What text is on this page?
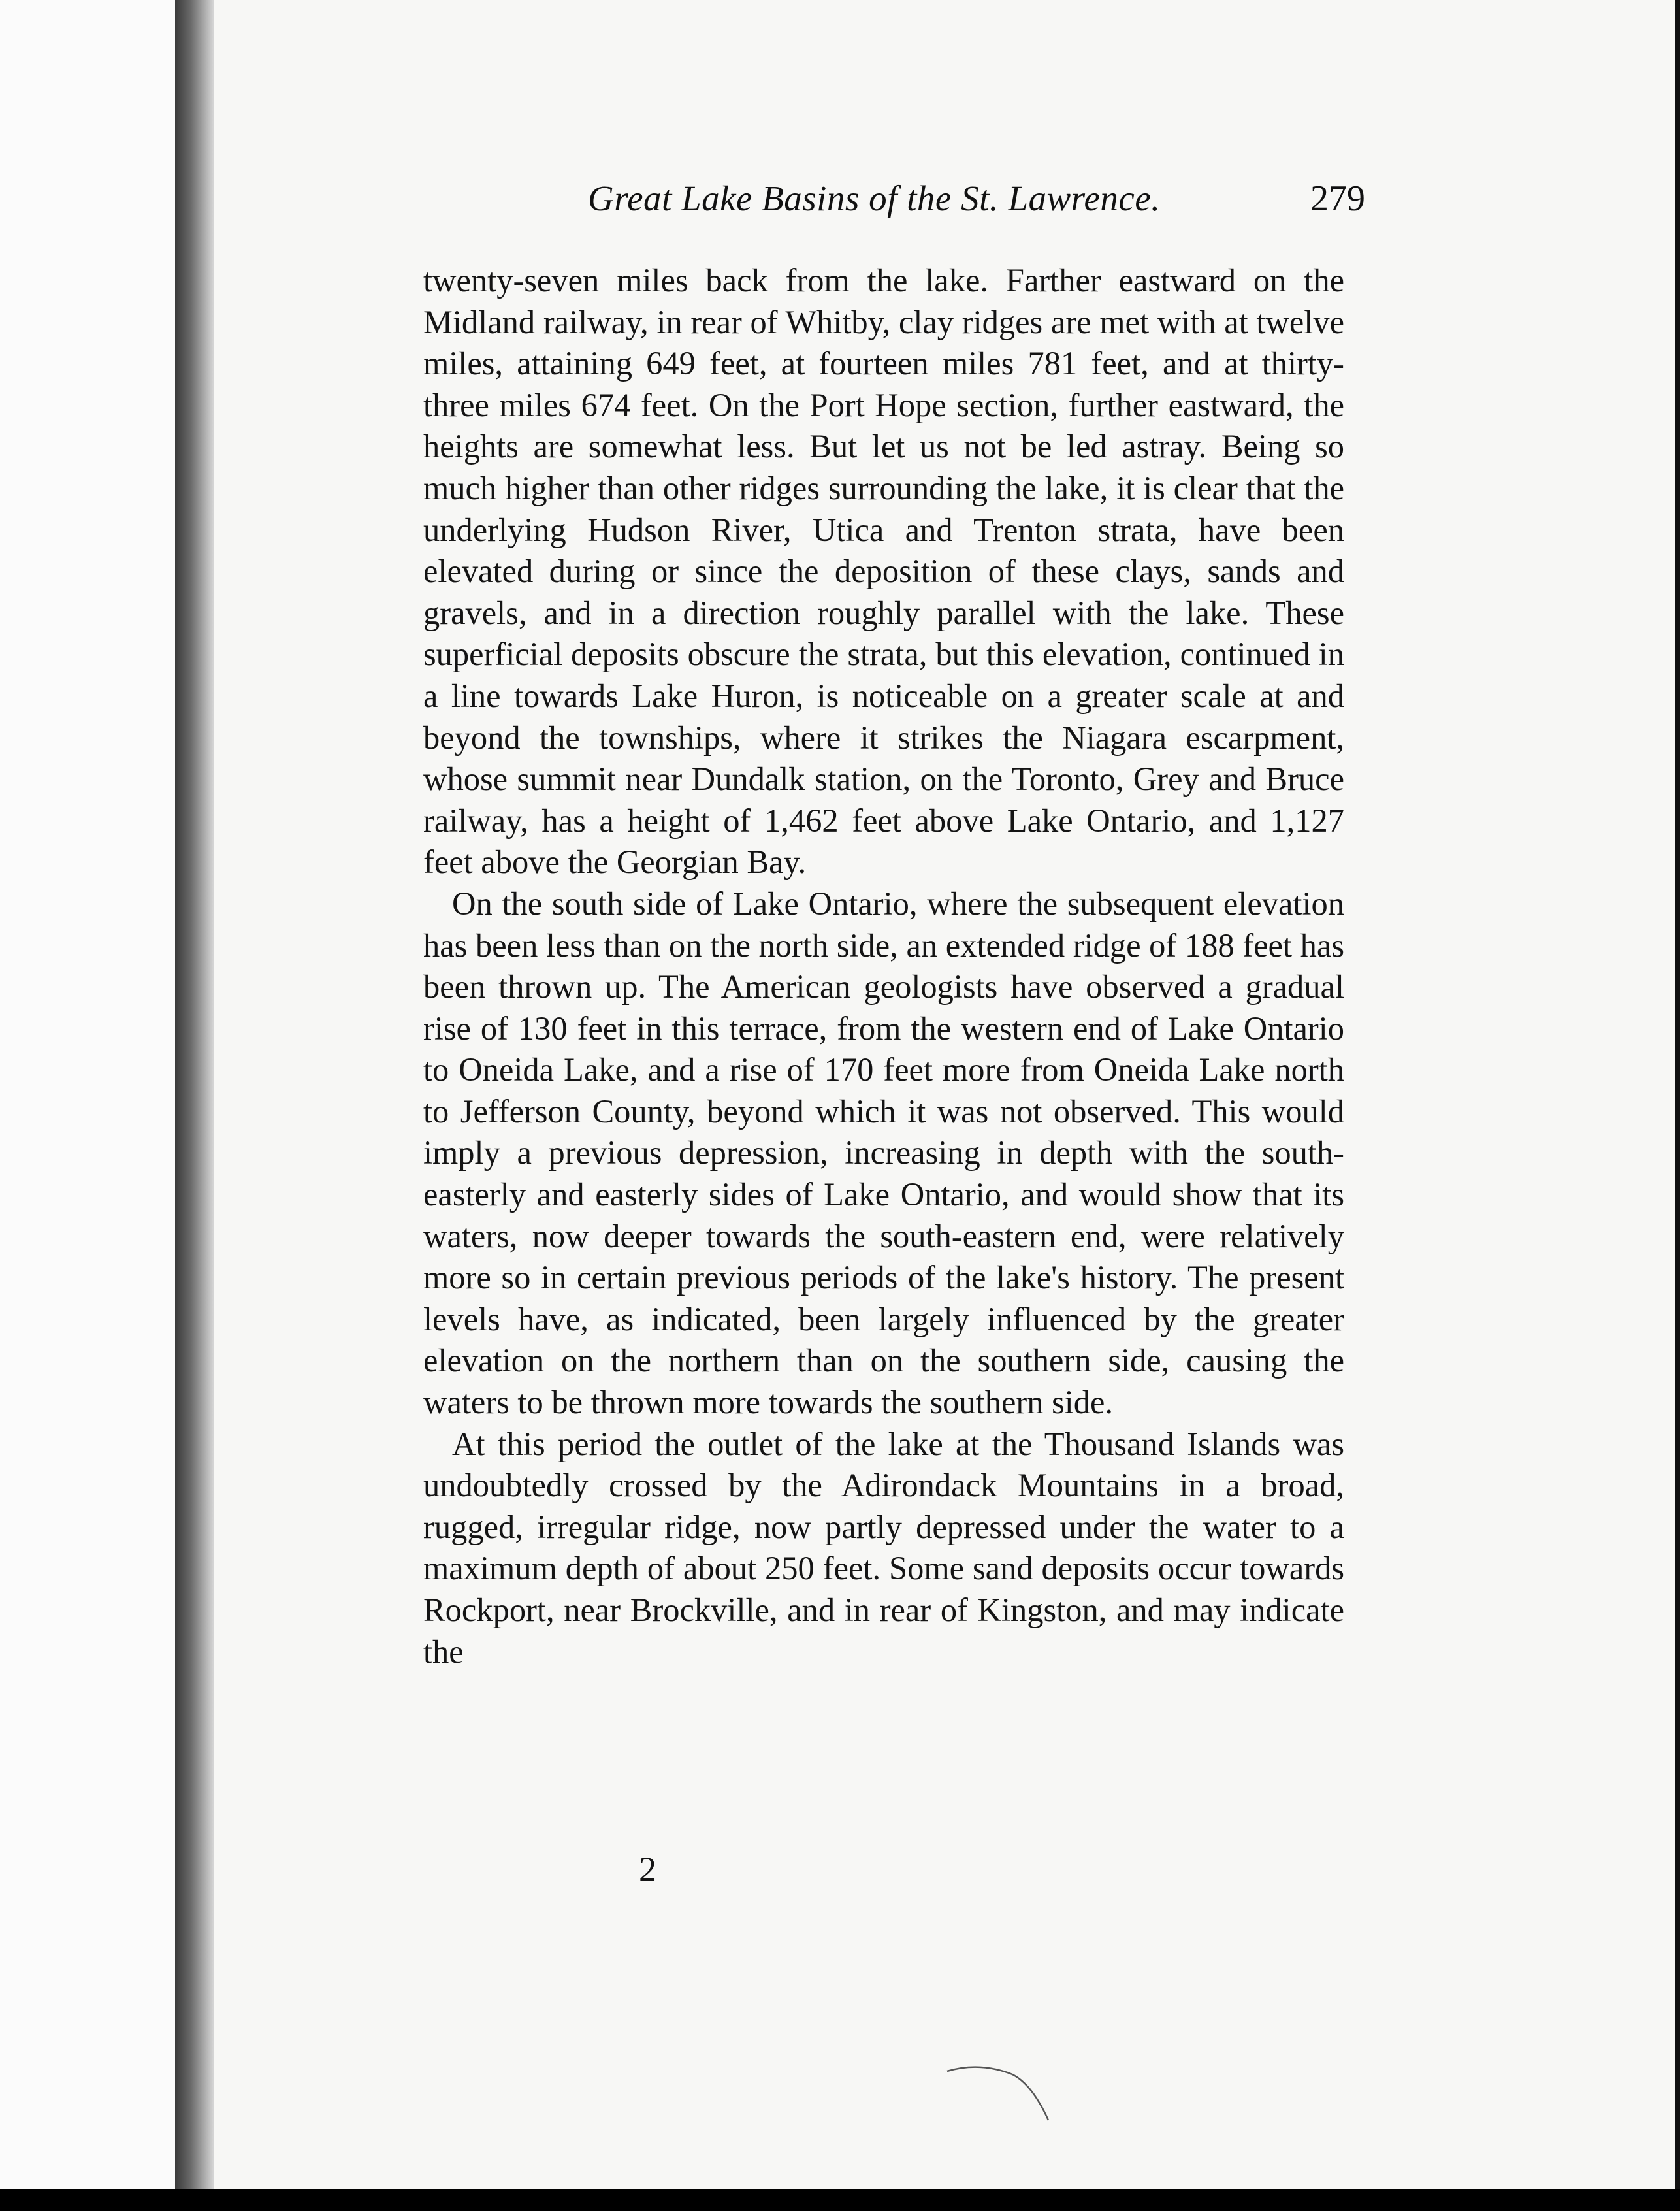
Great Lake Basins of the St. Lawrence.	279

twenty-seven miles back from the lake. Farther eastward on the Midland railway, in rear of Whitby, clay ridges are met with at twelve miles, attaining 649 feet, at fourteen miles 781 feet, and at thirty-three miles 674 feet. On the Port Hope section, further eastward, the heights are somewhat less. But let us not be led astray. Being so much higher than other ridges surrounding the lake, it is clear that the underlying Hudson River, Utica and Trenton strata, have been elevated during or since the deposition of these clays, sands and gravels, and in a direction roughly parallel with the lake. These superficial deposits obscure the strata, but this elevation, continued in a line towards Lake Huron, is noticeable on a greater scale at and beyond the townships, where it strikes the Niagara escarpment, whose summit near Dundalk station, on the Toronto, Grey and Bruce railway, has a height of 1,462 feet above Lake Ontario, and 1,127 feet above the Georgian Bay.

On the south side of Lake Ontario, where the subsequent elevation has been less than on the north side, an extended ridge of 188 feet has been thrown up. The American geologists have observed a gradual rise of 130 feet in this terrace, from the western end of Lake Ontario to Oneida Lake, and a rise of 170 feet more from Oneida Lake north to Jefferson County, beyond which it was not observed. This would imply a previous depression, increasing in depth with the south-easterly and easterly sides of Lake Ontario, and would show that its waters, now deeper towards the south-eastern end, were relatively more so in certain previous periods of the lake's history. The present levels have, as indicated, been largely influenced by the greater elevation on the northern than on the southern side, causing the waters to be thrown more towards the southern side.

At this period the outlet of the lake at the Thousand Islands was undoubtedly crossed by the Adirondack Mountains in a broad, rugged, irregular ridge, now partly depressed under the water to a maximum depth of about 250 feet. Some sand deposits occur towards Rockport, near Brockville, and in rear of Kingston, and may indicate the

2
